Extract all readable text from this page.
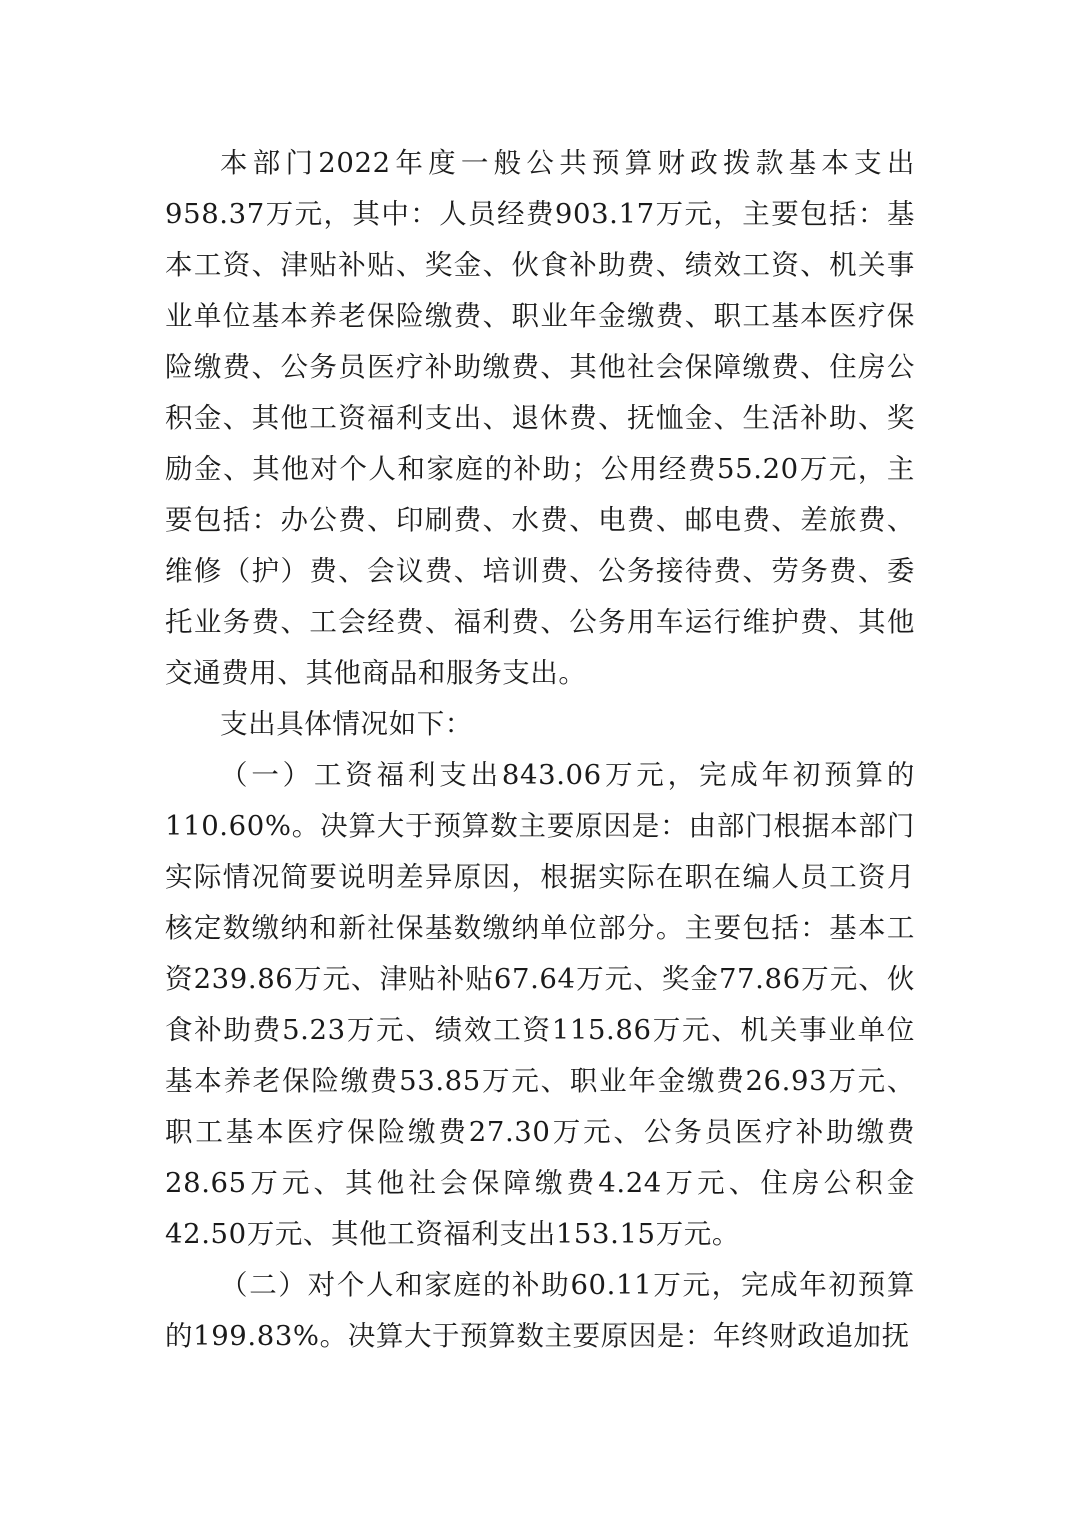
本部门2022年度一般公共预算财政拨款基本支出958.37万元，其中：人员经费903.17万元，主要包括：基本工资、津贴补贴、奖金、伙食补助费、绩效工资、机关事业单位基本养老保险缴费、职业年金缴费、职工基本医疗保险缴费、公务员医疗补助缴费、其他社会保障缴费、住房公积金、其他工资福利支出、退休费、抚恤金、生活补助、奖励金、其他对个人和家庭的补助；公用经费55.20万元，主要包括：办公费、印刷费、水费、电费、邮电费、差旅费、维修（护）费、会议费、培训费、公务接待费、劳务费、委托业务费、工会经费、福利费、公务用车运行维护费、其他交通费用、其他商品和服务支出。

支出具体情况如下：

（一）工资福利支出843.06万元，完成年初预算的110.60%。决算大于预算数主要原因是：由部门根据本部门实际情况简要说明差异原因，根据实际在职在编人员工资月核定数缴纳和新社保基数缴纳单位部分。主要包括：基本工资239.86万元、津贴补贴67.64万元、奖金77.86万元、伙食补助费5.23万元、绩效工资115.86万元、机关事业单位基本养老保险缴费53.85万元、职业年金缴费26.93万元、职工基本医疗保险缴费27.30万元、公务员医疗补助缴费28.65万元、其他社会保障缴费4.24万元、住房公积金42.50万元、其他工资福利支出153.15万元。

（二）对个人和家庭的补助60.11万元，完成年初预算的199.83%。决算大于预算数主要原因是：年终财政追加抚
